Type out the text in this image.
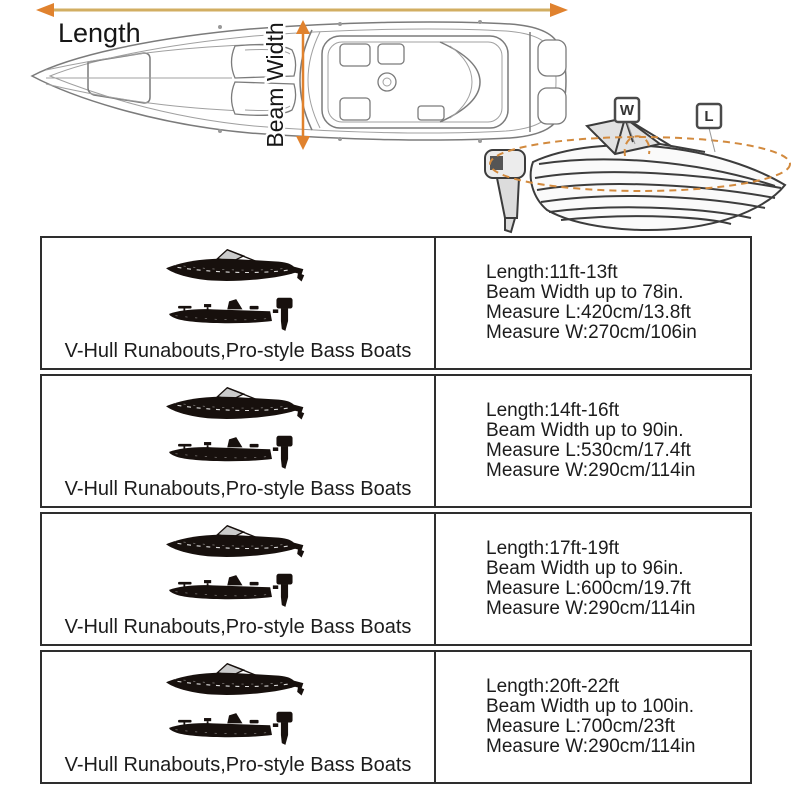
Length	Beam Width	W	L
V-Hull Runabouts,Pro-style Bass Boats
Length:11ft-13ft
Beam Width up to 78in.
Measure L:420cm/13.8ft
Measure W:270cm/106in
V-Hull Runabouts,Pro-style Bass Boats
Length:14ft-16ft
Beam Width up to 90in.
Measure L:530cm/17.4ft
Measure W:290cm/114in
V-Hull Runabouts,Pro-style Bass Boats
Length:17ft-19ft
Beam Width up to 96in.
Measure L:600cm/19.7ft
Measure W:290cm/114in
V-Hull Runabouts,Pro-style Bass Boats
Length:20ft-22ft
Beam Width up to 100in.
Measure L:700cm/23ft
Measure W:290cm/114in
